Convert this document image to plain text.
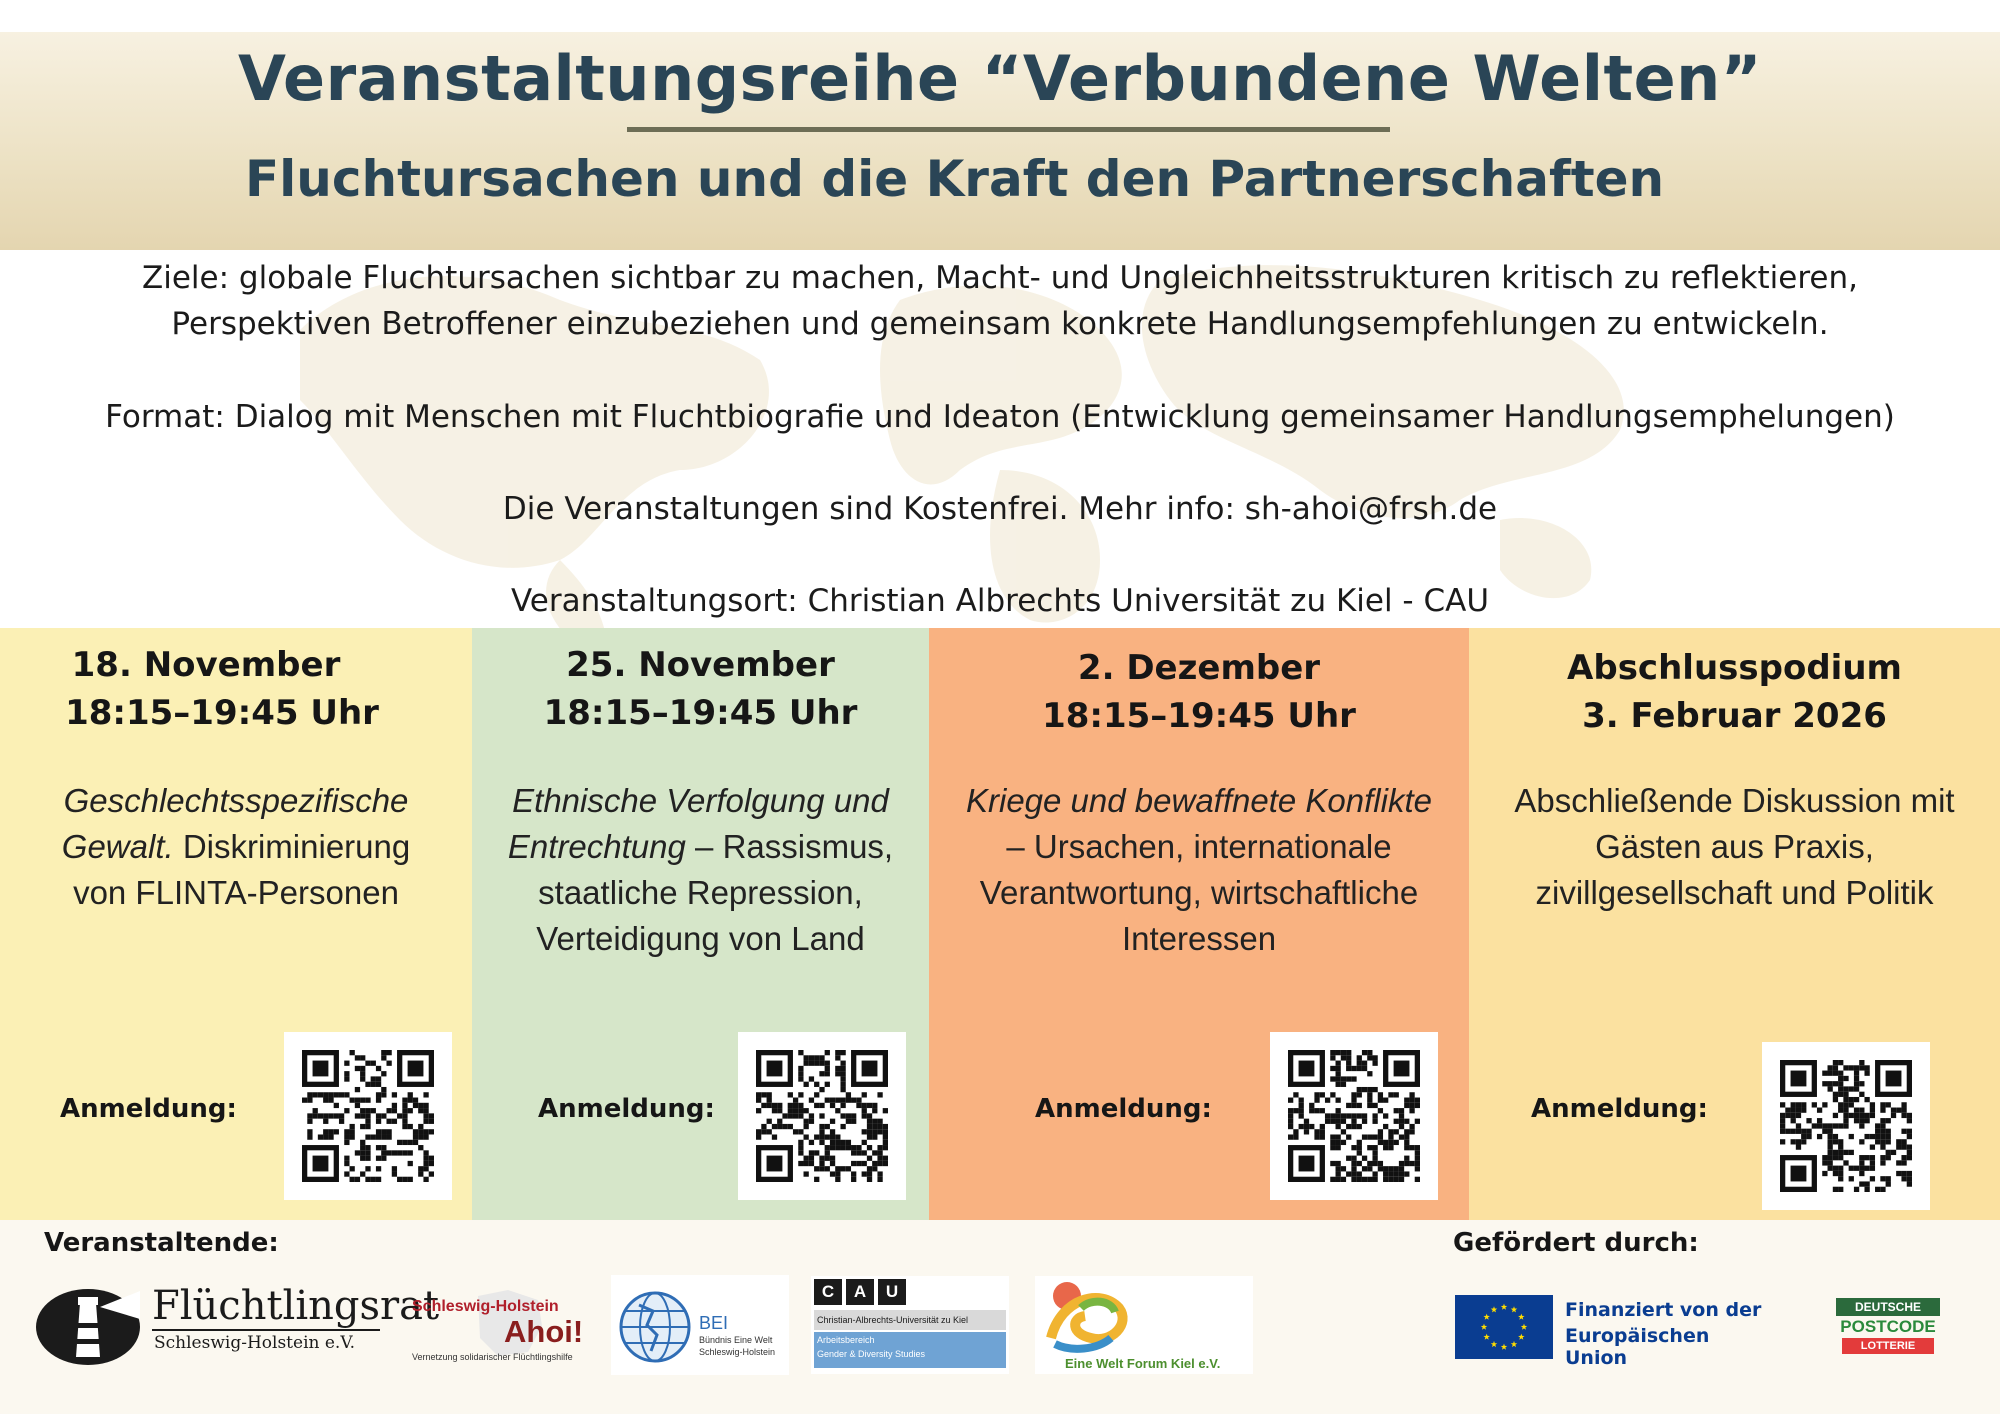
Veranstaltungsreihe “Verbundene Welten”
Fluchtursachen und die Kraft den Partnerschaften
Ziele: globale Fluchtursachen sichtbar zu machen, Macht- und Ungleichheitsstrukturen kritisch zu reflektieren,
Perspektiven Betroffener einzubeziehen und gemeinsam konkrete Handlungsempfehlungen zu entwickeln.
Format: Dialog mit Menschen mit Fluchtbiografie und Ideaton (Entwicklung gemeinsamer Handlungsemphelungen)
Die Veranstaltungen sind Kostenfrei. Mehr info: sh-ahoi@frsh.de
Veranstaltungsort: Christian Albrechts Universität zu Kiel - CAU
18. November
18:15–19:45 Uhr
Geschlechtsspezifische
Gewalt. Diskriminierung
von FLINTA-Personen
Anmeldung:
25. November
18:15–19:45 Uhr
Ethnische Verfolgung und
Entrechtung – Rassismus,
staatliche Repression,
Verteidigung von Land
Anmeldung:
2. Dezember
18:15–19:45 Uhr
Kriege und bewaffnete Konflikte
– Ursachen, internationale
Verantwortung, wirtschaftliche
Interessen
Anmeldung:
Abschlusspodium
3. Februar 2026
Abschließende Diskussion mit
Gästen aus Praxis,
zivillgesellschaft und Politik
Anmeldung:
Veranstaltende:	Gefördert durch:
Flüchtlingsrat
Schleswig-Holstein e.V.
Schleswig-Holstein
Ahoi!
Vernetzung solidarischer Flüchtlingshilfe
BEI
Bündnis Eine Welt
Schleswig-Holstein
C	A	U
Christian-Albrechts-Universität zu Kiel
Arbeitsbereich
Gender & Diversity Studies
Eine Welt Forum Kiel e.V.
Finanziert von der
Europäischen Union
DEUTSCHE
POSTCODE
LOTTERIE
